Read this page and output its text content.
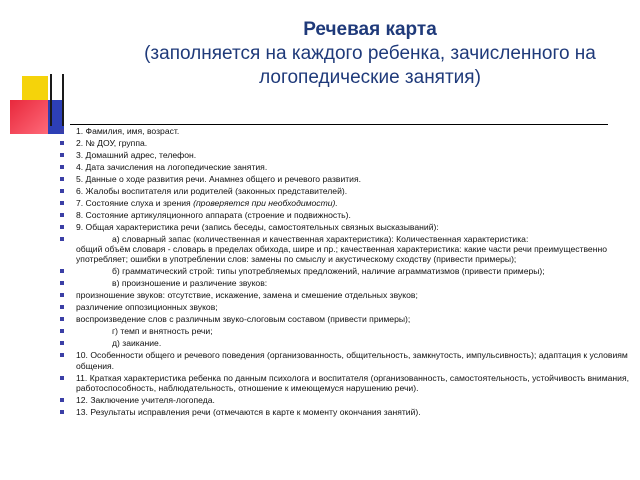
Речевая карта
(заполняется на каждого ребенка, зачисленного на
логопедические занятия)
1. Фамилия, имя, возраст.
2. № ДОУ, группа.
3. Домашний адрес, телефон.
4. Дата зачисления на логопедические занятия.
5. Данные о ходе развития речи. Анамнез общего и речевого развития.
6. Жалобы воспитателя или родителей (законных представителей).
7. Состояние слуха и зрения (проверяется при необходимости).
8. Состояние артикуляционного аппарата (строение и подвижность).
9. Общая характеристика речи (запись беседы, самостоятельных связных высказываний):
а) словарный запас (количественная и качественная характеристика): Количественная характеристика:
общий объём словаря - словарь в пределах обихода, шире и пр.; качественная характеристика: какие части речи преимущественно употребляет; ошибки в употреблении слов: замены по смыслу и акустическому сходству (привести примеры);
б) грамматический строй: типы употребляемых предложений, наличие аграмматизмов (привести примеры);
в) произношение и различение звуков:
произношение звуков: отсутствие, искажение, замена и смешение отдельных звуков;
различение оппозиционных звуков;
воспроизведение слов с различным звуко-слоговым составом (привести примеры);
г) темп и внятность речи;
д) заикание.
10. Особенности общего и речевого поведения (организованность, общительность, замкнутость, импульсивность); адаптация к условиям общения.
11. Краткая характеристика ребенка по данным психолога и воспитателя (организованность, самостоятельность, устойчивость внимания, работоспособность, наблюдательность, отношение к имеющемуся нарушению речи).
12. Заключение учителя-логопеда.
13. Результаты исправления речи (отмечаются в карте к моменту окончания занятий).
